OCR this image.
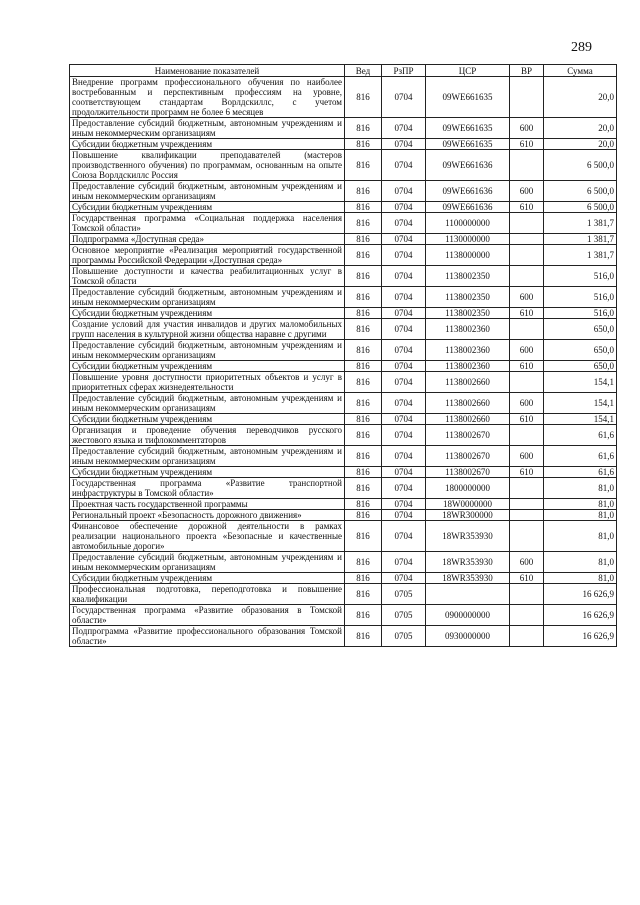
289
Наименование показателей	Вед	РзПР	ЦСР	ВР	Сумма
Внедрение программ профессионального обучения по наиболее востребованным и перспективным профессиям на уровне, соответствующем стандартам Ворлдскиллс, с учетом продолжительности программ не более 6 месяцев	816	0704	09WE661635		20,0
Предоставление субсидий бюджетным, автономным учреждениям и иным некоммерческим организациям	816	0704	09WE661635	600	20,0
Субсидии бюджетным учреждениям	816	0704	09WE661635	610	20,0
Повышение квалификации преподавателей (мастеров производственного обучения) по программам, основанным на опыте Союза Ворлдскиллс Россия	816	0704	09WE661636		6 500,0
Предоставление субсидий бюджетным, автономным учреждениям и иным некоммерческим организациям	816	0704	09WE661636	600	6 500,0
Субсидии бюджетным учреждениям	816	0704	09WE661636	610	6 500,0
Государственная программа «Социальная поддержка населения Томской области»	816	0704	1100000000		1 381,7
Подпрограмма «Доступная среда»	816	0704	1130000000		1 381,7
Основное мероприятие «Реализация мероприятий государственной программы Российской Федерации «Доступная среда»	816	0704	1138000000		1 381,7
Повышение доступности и качества реабилитационных услуг в Томской области	816	0704	1138002350		516,0
Предоставление субсидий бюджетным, автономным учреждениям и иным некоммерческим организациям	816	0704	1138002350	600	516,0
Субсидии бюджетным учреждениям	816	0704	1138002350	610	516,0
Создание условий для участия инвалидов и других маломобильных групп населения в культурной жизни общества наравне с другими	816	0704	1138002360		650,0
Предоставление субсидий бюджетным, автономным учреждениям и иным некоммерческим организациям	816	0704	1138002360	600	650,0
Субсидии бюджетным учреждениям	816	0704	1138002360	610	650,0
Повышение уровня доступности приоритетных объектов и услуг в приоритетных сферах жизнедеятельности	816	0704	1138002660		154,1
Предоставление субсидий бюджетным, автономным учреждениям и иным некоммерческим организациям	816	0704	1138002660	600	154,1
Субсидии бюджетным учреждениям	816	0704	1138002660	610	154,1
Организация и проведение обучения переводчиков русского жестового языка и тифлокомментаторов	816	0704	1138002670		61,6
Предоставление субсидий бюджетным, автономным учреждениям и иным некоммерческим организациям	816	0704	1138002670	600	61,6
Субсидии бюджетным учреждениям	816	0704	1138002670	610	61,6
Государственная программа «Развитие транспортной инфраструктуры в Томской области»	816	0704	1800000000		81,0
Проектная часть государственной программы	816	0704	18W0000000		81,0
Региональный проект «Безопасность дорожного движения»	816	0704	18WR300000		81,0
Финансовое обеспечение дорожной деятельности в рамках реализации национального проекта «Безопасные и качественные автомобильные дороги»	816	0704	18WR353930		81,0
Предоставление субсидий бюджетным, автономным учреждениям и иным некоммерческим организациям	816	0704	18WR353930	600	81,0
Субсидии бюджетным учреждениям	816	0704	18WR353930	610	81,0
Профессиональная подготовка, переподготовка и повышение квалификации	816	0705			16 626,9
Государственная программа «Развитие образования в Томской области»	816	0705	0900000000		16 626,9
Подпрограмма «Развитие профессионального образования Томской области»	816	0705	0930000000		16 626,9
